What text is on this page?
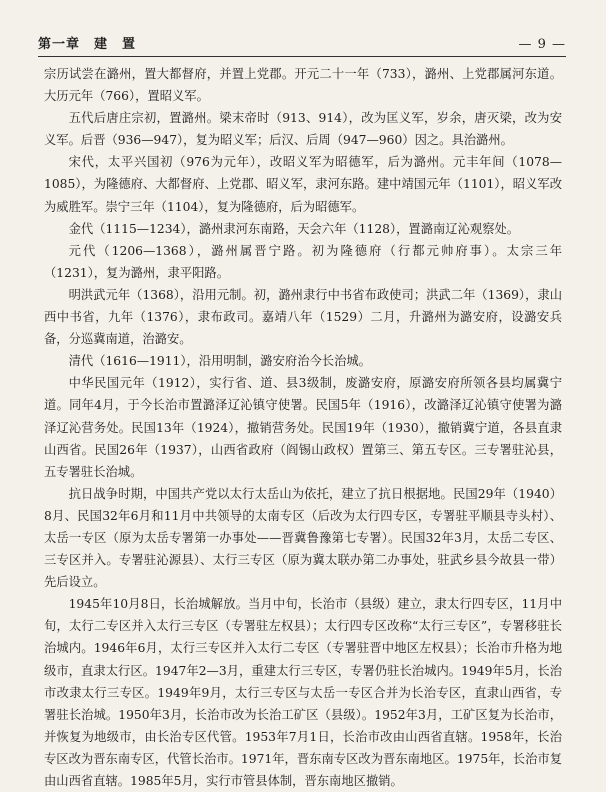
第一章　建　置	— 9 —

宗历试尝在潞州，置大都督府，并置上党郡。开元二十一年（733），潞州、上党郡属河东道。大历元年（766），置昭义军。

五代后唐庄宗初，置潞州。梁末帝时（913、914），改为匡义军，岁余，唐灭梁，改为安义军。后晋（936—947），复为昭义军；后汉、后周（947—960）因之。具治潞州。

宋代，太平兴国初（976为元年），改昭义军为昭德军，后为潞州。元丰年间（1078—1085），为隆德府、大都督府、上党郡、昭义军，隶河东路。建中靖国元年（1101），昭义军改为威胜军。崇宁三年（1104），复为隆德府，后为昭德军。

金代（1115—1234），潞州隶河东南路，天会六年（1128），置潞南辽沁观察处。

元代（1206—1368），潞州属晋宁路。初为隆德府（行都元帅府事）。太宗三年（1231），复为潞州，隶平阳路。

明洪武元年（1368），沿用元制。初，潞州隶行中书省布政使司；洪武二年（1369），隶山西中书省，九年（1376），隶布政司。嘉靖八年（1529）二月，升潞州为潞安府，设潞安兵备，分巡冀南道，治潞安。

清代（1616—1911），沿用明制，潞安府治今长治城。

中华民国元年（1912），实行省、道、县3级制，废潞安府，原潞安府所领各县均属冀宁道。同年4月，于今长治市置潞泽辽沁镇守使署。民国5年（1916），改潞泽辽沁镇守使署为潞泽辽沁营务处。民国13年（1924），撤销营务处。民国19年（1930），撤销冀宁道，各县直隶山西省。民国26年（1937），山西省政府（阎锡山政权）置第三、第五专区。三专署驻沁县，五专署驻长治城。

抗日战争时期，中国共产党以太行太岳山为依托，建立了抗日根据地。民国29年（1940）8月、民国32年6月和11月中共领导的太南专区（后改为太行四专区，专署驻平顺县寺头村）、太岳一专区（原为太岳专署第一办事处——晋冀鲁豫第七专署）。民国32年3月，太岳二专区、三专区并入。专署驻沁源县）、太行三专区（原为冀太联办第二办事处，驻武乡县今故县一带）先后设立。

1945年10月8日，长治城解放。当月中旬，长治市（县级）建立，隶太行四专区，11月中旬，太行二专区并入太行三专区（专署驻左权县）；太行四专区改称“太行三专区”，专署移驻长治城内。1946年6月，太行三专区并入太行二专区（专署驻晋中地区左权县）；长治市升格为地级市，直隶太行区。1947年2—3月，重建太行三专区，专署仍驻长治城内。1949年5月，长治市改隶太行三专区。1949年9月，太行三专区与太岳一专区合并为长治专区，直隶山西省，专署驻长治城。1950年3月，长治市改为长治工矿区（县级）。1952年3月，工矿区复为长治市，并恢复为地级市，由长治专区代管。1953年7月1日，长治市改由山西省直辖。1958年，长治专区改为晋东南专区，代管长治市。1971年，晋东南专区改为晋东南地区。1975年，长治市复由山西省直辖。1985年5月，实行市管县体制，晋东南地区撤销。
